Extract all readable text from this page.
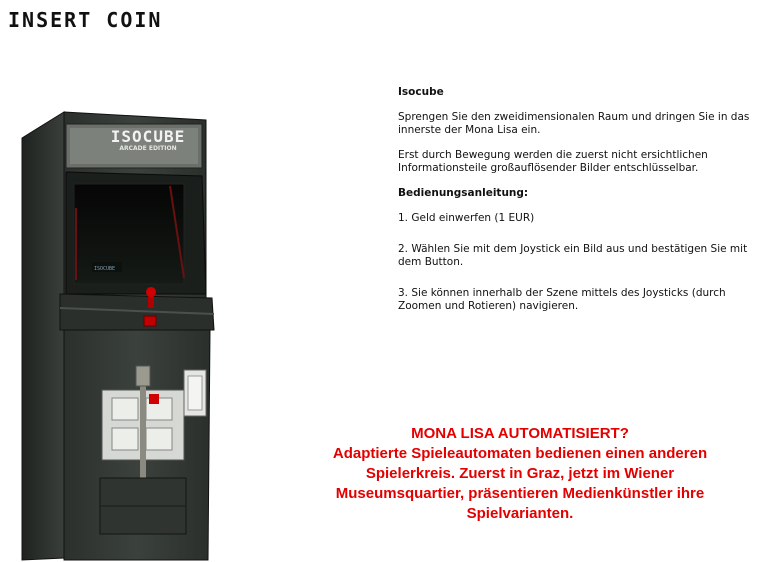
INSERT COIN
ISOCUBE
ISOCUBE
ARCADE EDITION
Isocube

Sprengen Sie den zweidimensionalen Raum und dringen Sie in das innerste der Mona Lisa ein.

Erst durch Bewegung werden die zuerst nicht ersichtlichen Informationsteile großauflösender Bilder entschlüsselbar.

Bedienungsanleitung:
1. Geld einwerfen (1 EUR)
2. Wählen Sie mit dem Joystick ein Bild aus und bestätigen Sie mit dem Button.
3. Sie können innerhalb der Szene mittels des Joysticks (durch Zoomen und Rotieren) navigieren.
MONA LISA AUTOMATISIERT?
Adaptierte Spieleautomaten bedienen einen anderen
Spielerkreis. Zuerst in Graz, jetzt im Wiener
Museumsquartier, präsentieren Medienkünstler ihre
Spielvarianten.
